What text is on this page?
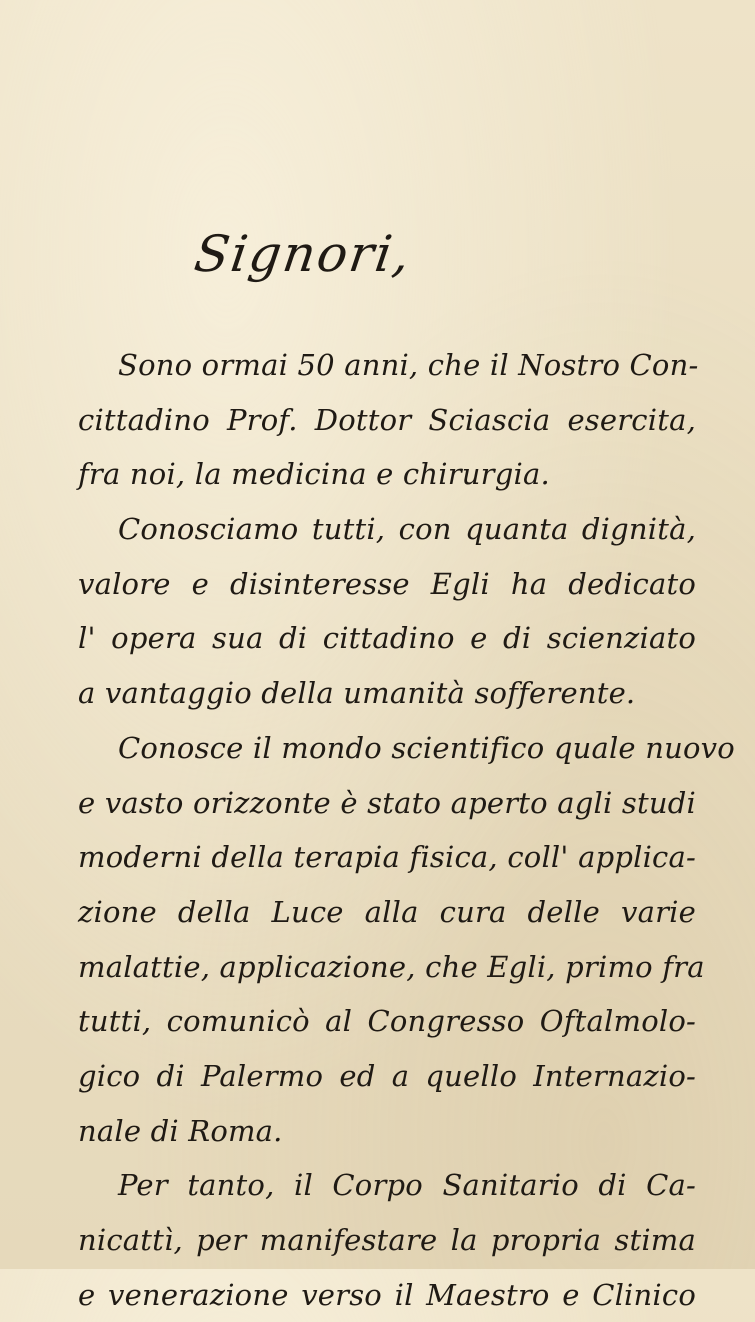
Signori,
Sono ormai 50 anni, che il Nostro Con-
cittadino Prof. Dottor Sciascia esercita,
fra noi, la medicina e chirurgia.
Conosciamo tutti, con quanta dignità,
valore e disinteresse Egli ha dedicato
l' opera sua di cittadino e di scienziato
a vantaggio della umanità sofferente.
Conosce il mondo scientifico quale nuovo
e vasto orizzonte è stato aperto agli studi
moderni della terapia fisica, coll' applica-
zione della Luce alla cura delle varie
malattie, applicazione, che Egli, primo fra
tutti, comunicò al Congresso Oftalmolo-
gico di Palermo ed a quello Internazio-
nale di Roma.
Per tanto, il Corpo Sanitario di Ca-
nicattì, per manifestare la propria stima
e venerazione verso il Maestro e Clinico
